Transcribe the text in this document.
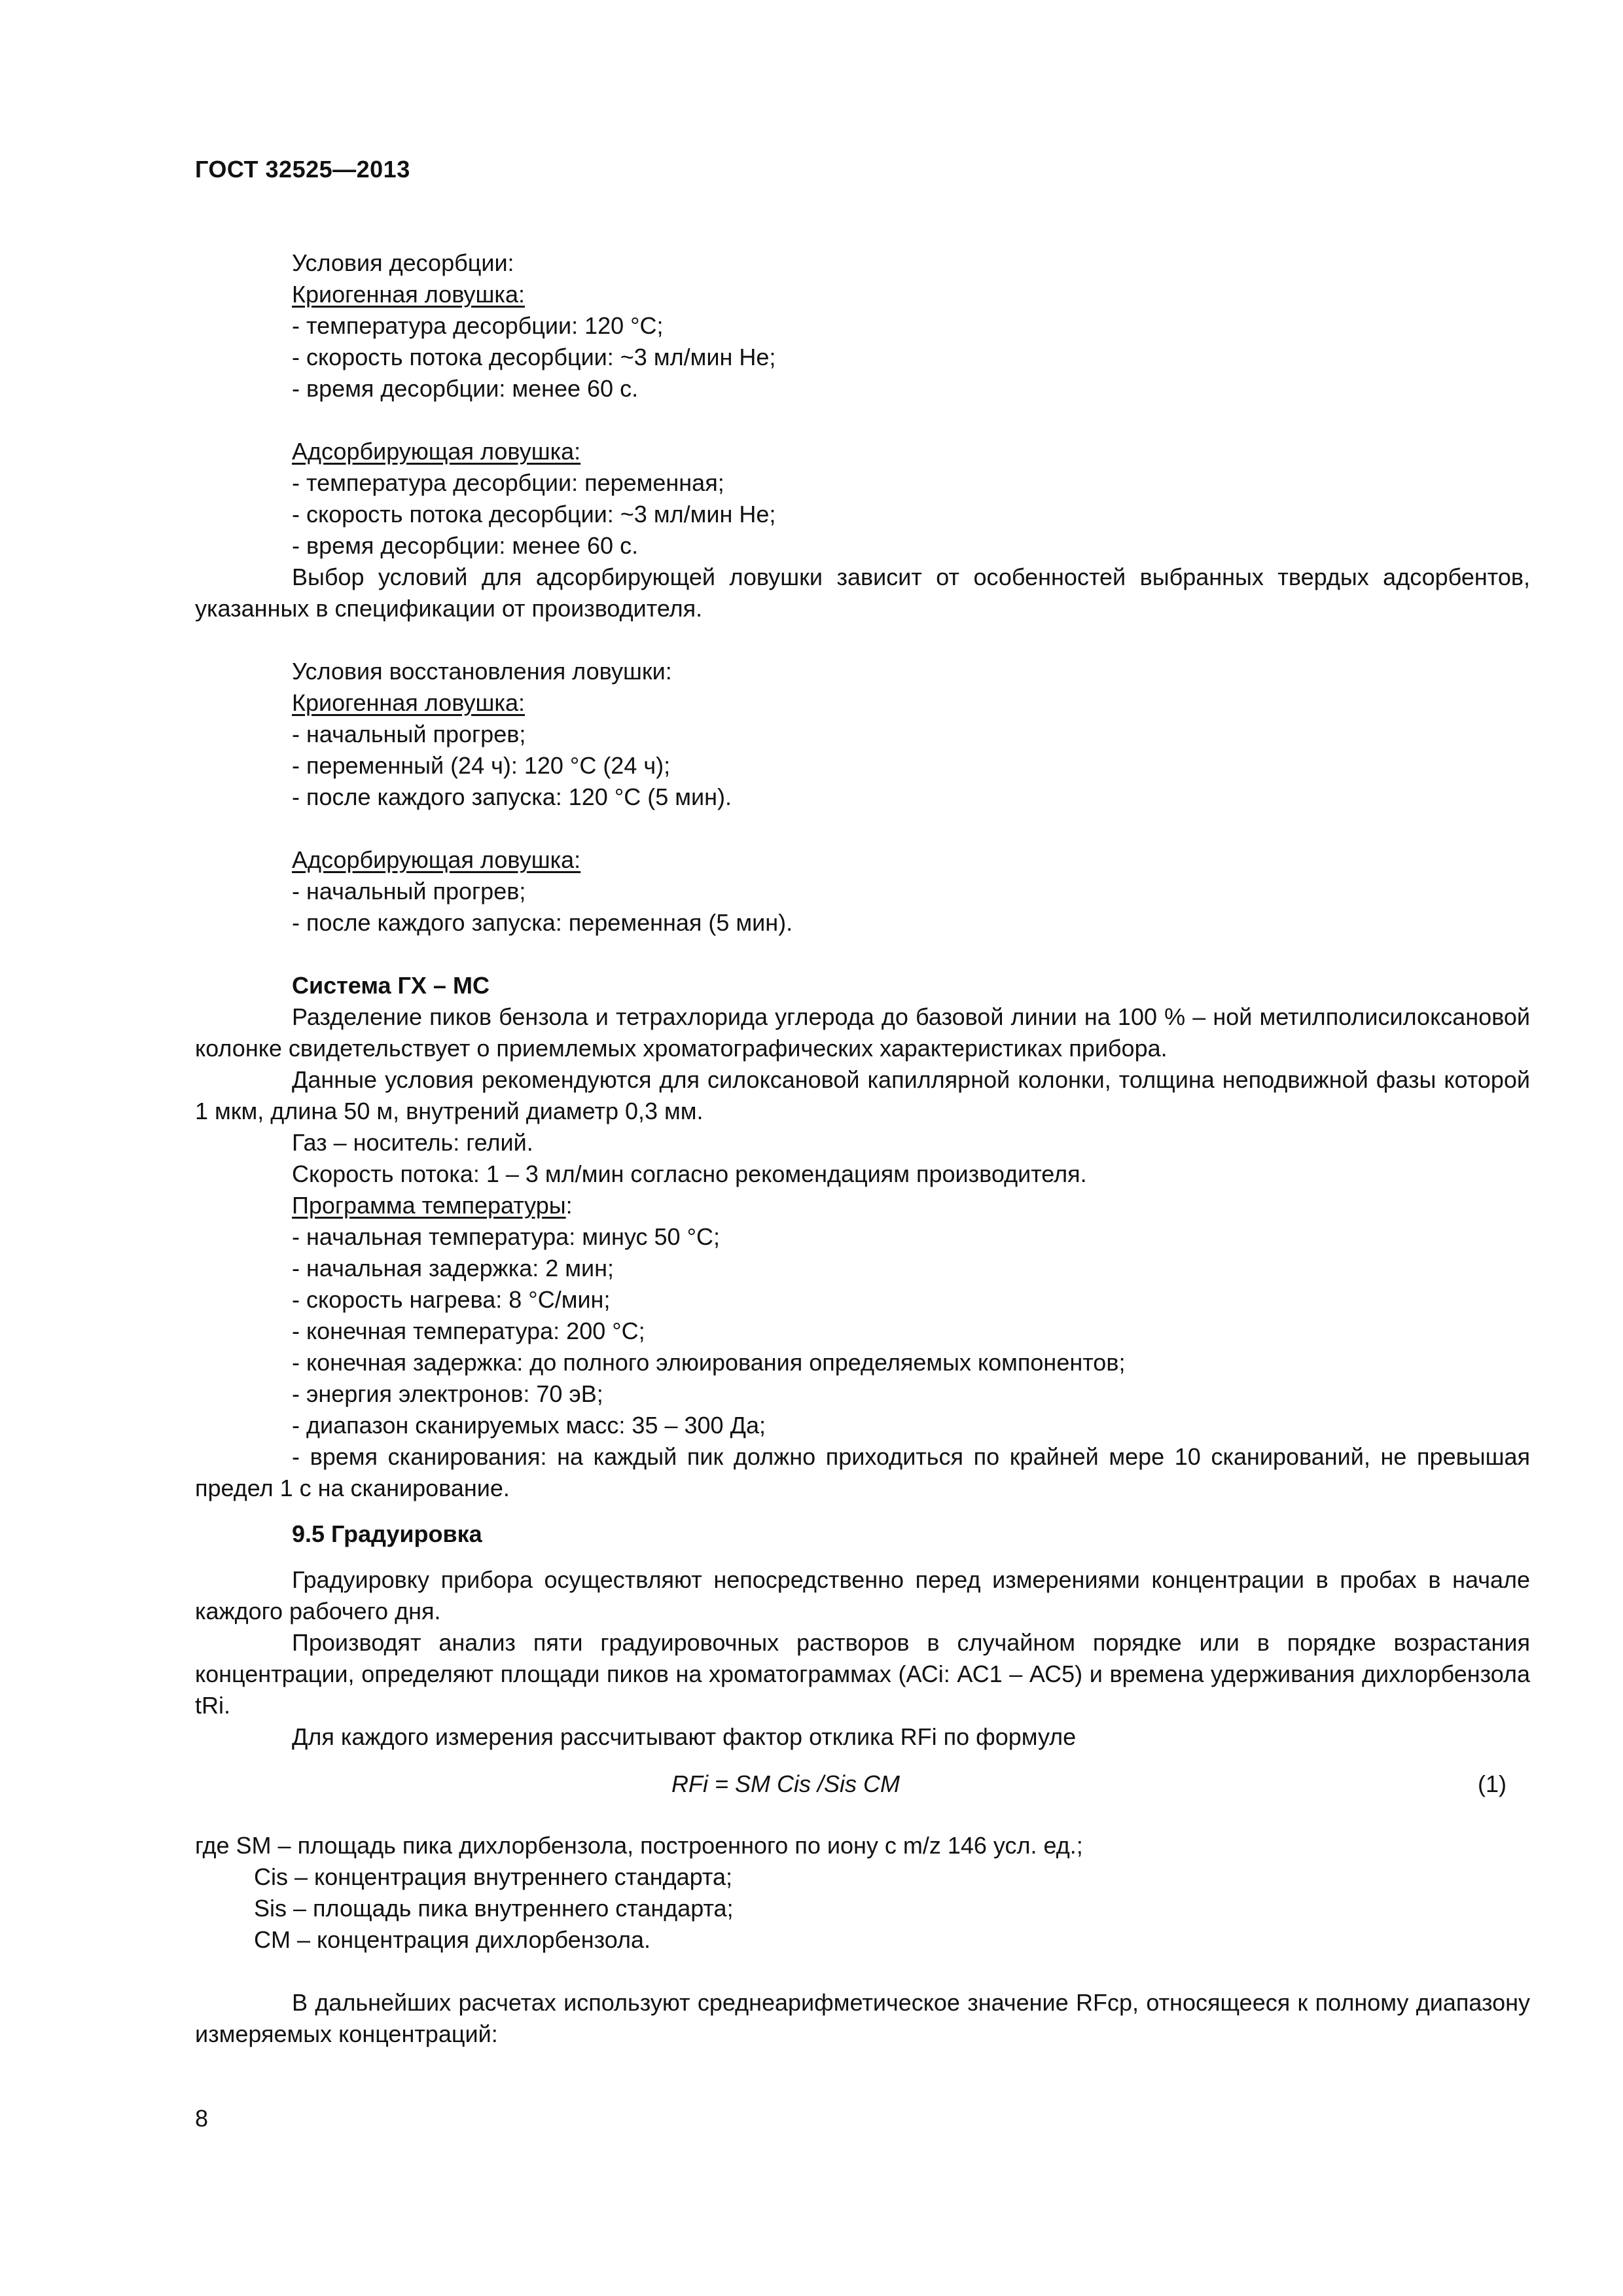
ГОСТ 32525—2013
Условия десорбции:
Криогенная ловушка:
- температура десорбции: 120 °С;
- скорость потока десорбции: ~3 мл/мин Не;
- время десорбции: менее 60 с.
Адсорбирующая ловушка:
- температура десорбции: переменная;
- скорость потока десорбции: ~3 мл/мин Не;
- время десорбции: менее 60 с.
Выбор условий для адсорбирующей ловушки зависит от особенностей выбранных твердых адсорбентов, указанных в спецификации от производителя.
Условия восстановления ловушки:
Криогенная ловушка:
- начальный прогрев;
- переменный (24 ч): 120 °С (24 ч);
- после каждого запуска: 120 °С (5 мин).
Адсорбирующая ловушка:
- начальный прогрев;
- после каждого запуска: переменная (5 мин).
Система ГХ – МС
Разделение пиков бензола и тетрахлорида углерода до базовой линии на 100 % – ной метилполисилоксановой колонке свидетельствует о приемлемых хроматографических характеристиках прибора.
Данные условия рекомендуются для силоксановой капиллярной колонки, толщина неподвижной фазы которой 1 мкм, длина 50 м, внутрений диаметр 0,3 мм.
Газ – носитель: гелий.
Скорость потока: 1 – 3 мл/мин согласно рекомендациям производителя.
Программа температуры:
- начальная температура: минус 50 °С;
- начальная задержка: 2 мин;
- скорость нагрева: 8 °С/мин;
- конечная температура: 200 °С;
- конечная задержка: до полного элюирования определяемых компонентов;
- энергия электронов: 70 эВ;
- диапазон сканируемых масс: 35 – 300 Да;
- время сканирования: на каждый пик должно приходиться по крайней мере 10 сканирований, не превышая предел 1 с на сканирование.
9.5 Градуировка
Градуировку прибора осуществляют непосредственно перед измерениями концентрации в пробах в начале каждого рабочего дня.
Производят анализ пяти градуировочных растворов в случайном порядке или в порядке возрастания концентрации, определяют площади пиков на хроматограммах (АСi: АС1 – АС5) и времена удерживания дихлорбензола tRi.
Для каждого измерения рассчитывают фактор отклика RFi по формуле
RFi = SМ Cis /Sis CМ	(1)
где SМ – площадь пика дихлорбензола, построенного по иону с m/z 146 усл. ед.;
Cis – концентрация внутреннего стандарта;
Sis – площадь пика внутреннего стандарта;
CМ – концентрация дихлорбензола.
В дальнейших расчетах используют среднеарифметическое значение RFср, относящееся к полному диапазону измеряемых концентраций:
8
